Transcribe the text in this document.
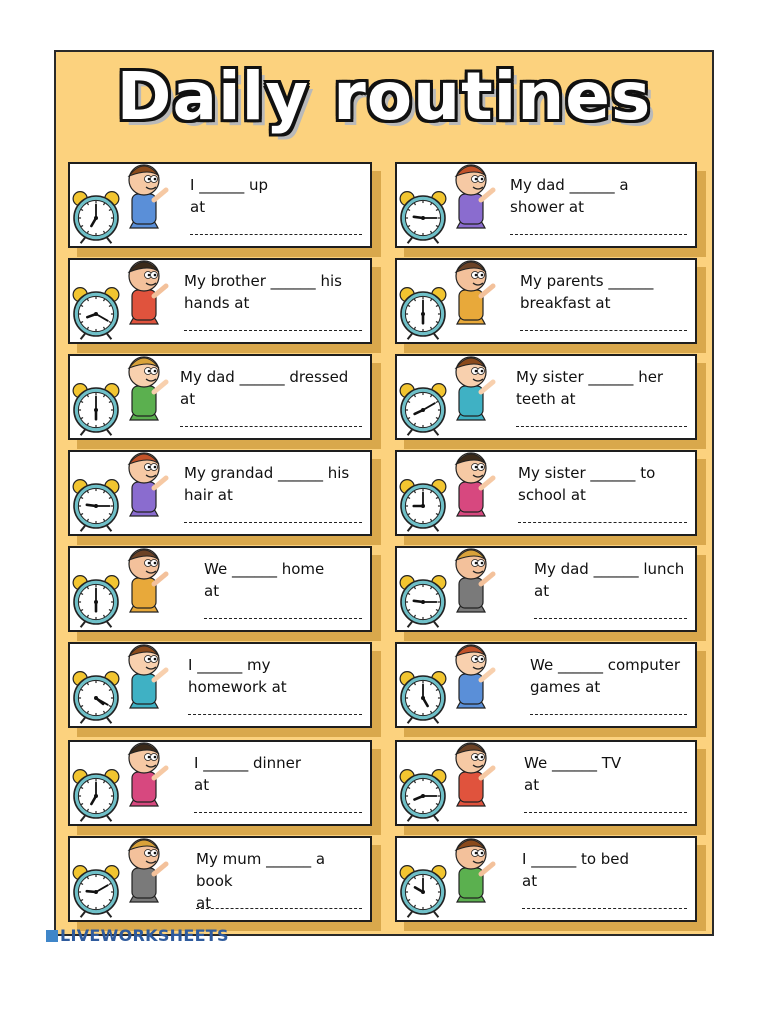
Daily routines
I ______ up
at
My brother ______ his
hands at
My dad ______ dressed
at
My grandad ______ his
hair at
We ______ home
at
I ______ my
homework at
I ______ dinner
at
My mum ______ a book
at
My dad ______ a
shower at
My parents ______
breakfast at
My sister ______ her
teeth at
My sister ______ to
school at
My dad ______ lunch
at
We ______ computer
games at
We ______ TV
at
I ______ to bed
at
LIVEWORKSHEETS
